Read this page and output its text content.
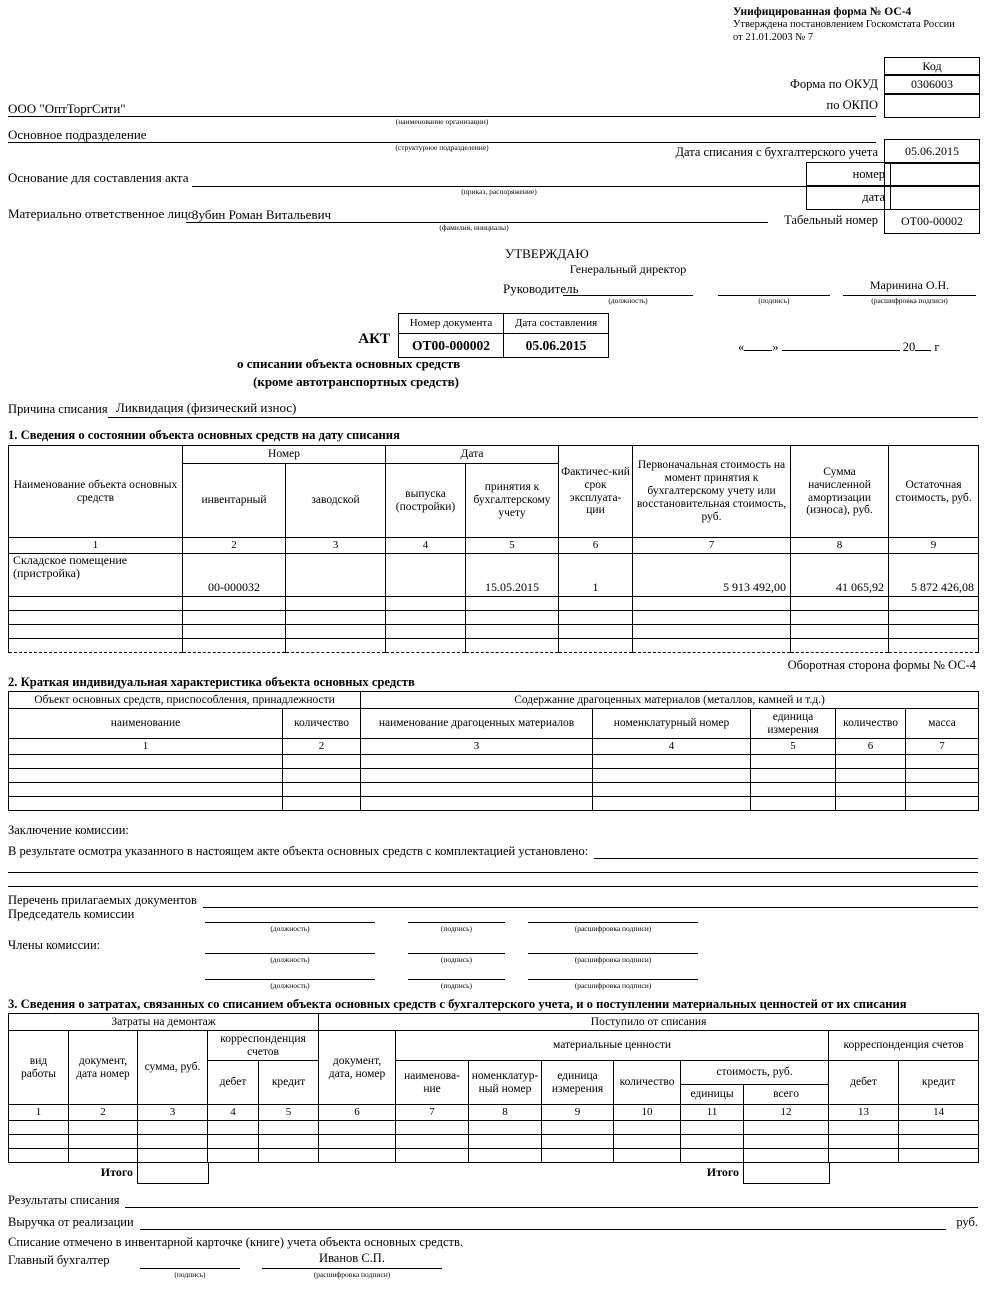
Унифицированная форма № ОС-4
Утверждена постановлением Госкомстата России
от 21.01.2003 № 7
Код
Форма по ОКУД	0306003
по ОКПО
ООО "ОптТоргСити"
(наименование организации)
Основное подразделение
(структурное подразделение)	Дата списания с бухгалтерского учета	05.06.2015
Основание для составления акта
(приказ, распоряжение)
номер
дата
Материально ответственное лицо
Зубин Роман Витальевич
(фамилия, инициалы)
Табельный номер	ОТ00-00002
УТВЕРЖДАЮ
Руководитель
Генеральный директор
(должность)	(подпись)
Маринина О.Н.
(расшифровка подписи)
АКТ
Номер документа	Дата составления
ОТ00-000002	05.06.2015	« »	20 г
о списании объекта основных средств
(кроме автотранспортных средств)
Причина списания Ликвидация (физический износ)
1. Сведения о состоянии объекта основных средств на дату списания
Наименование объекта основных средств	Номер		Дата		Фактичес-кий срок эксплуата-ции	Первоначальная стоимость на момент принятия к бухгалтерскому учету или восстановительная стоимость, руб.	Сумма начисленной амортизации (износа), руб.	Остаточная стоимость, руб.
	инвентарный	заводской	выпуска (постройки)	принятия к бухгалтерскому учету				
1	2	3	4	5	6	7	8	9
Складское помещение (пристройка)	00-000032			15.05.2015	1	5 913 492,00	41 065,92	5 872 426,08

Оборотная сторона формы № ОС-4
2. Краткая индивидуальная характеристика объекта основных средств
Объект основных средств, приспособления, принадлежности		Содержание драгоценных материалов (металлов, камней и т.д.)				
наименование	количество	наименование драгоценных материалов	номенклатурный номер	единица измерения	количество	масса
1	2	3	4	5	6	7

Заключение комиссии:
В результате осмотра указанного в настоящем акте объекта основных средств с комплектацией установлено:
Перечень прилагаемых документов
Председатель комиссии
(должность)	(подпись)	(расшифровка подписи)
Члены комиссии:
(должность)	(подпись)	(расшифровка подписи)
(должность)	(подпись)	(расшифровка подписи)
3. Сведения о затратах, связанных со списанием объекта основных средств с бухгалтерского учета, и о поступлении материальных ценностей от их списания
Затраты на демонтаж					Поступило от списания								
вид работы	документ, дата номер	сумма, руб.	корреспонденция счетов		документ, дата, номер	материальные ценности						корреспонденция счетов	
			дебет	кредит		наименова-ние	номенклатур-ный номер	единица измерения	количество	стоимость, руб.		дебет	кредит
										единицы	всего		
1	2	3	4	5	6	7	8	9	10	11	12	13	14

Итого	Итого
Результаты списания
Выручка от реализации	руб.
Списание отмечено в инвентарной карточке (книге) учета объекта основных средств.
Главный бухгалтер
(подпись)
Иванов С.П.
(расшифровка подписи)
